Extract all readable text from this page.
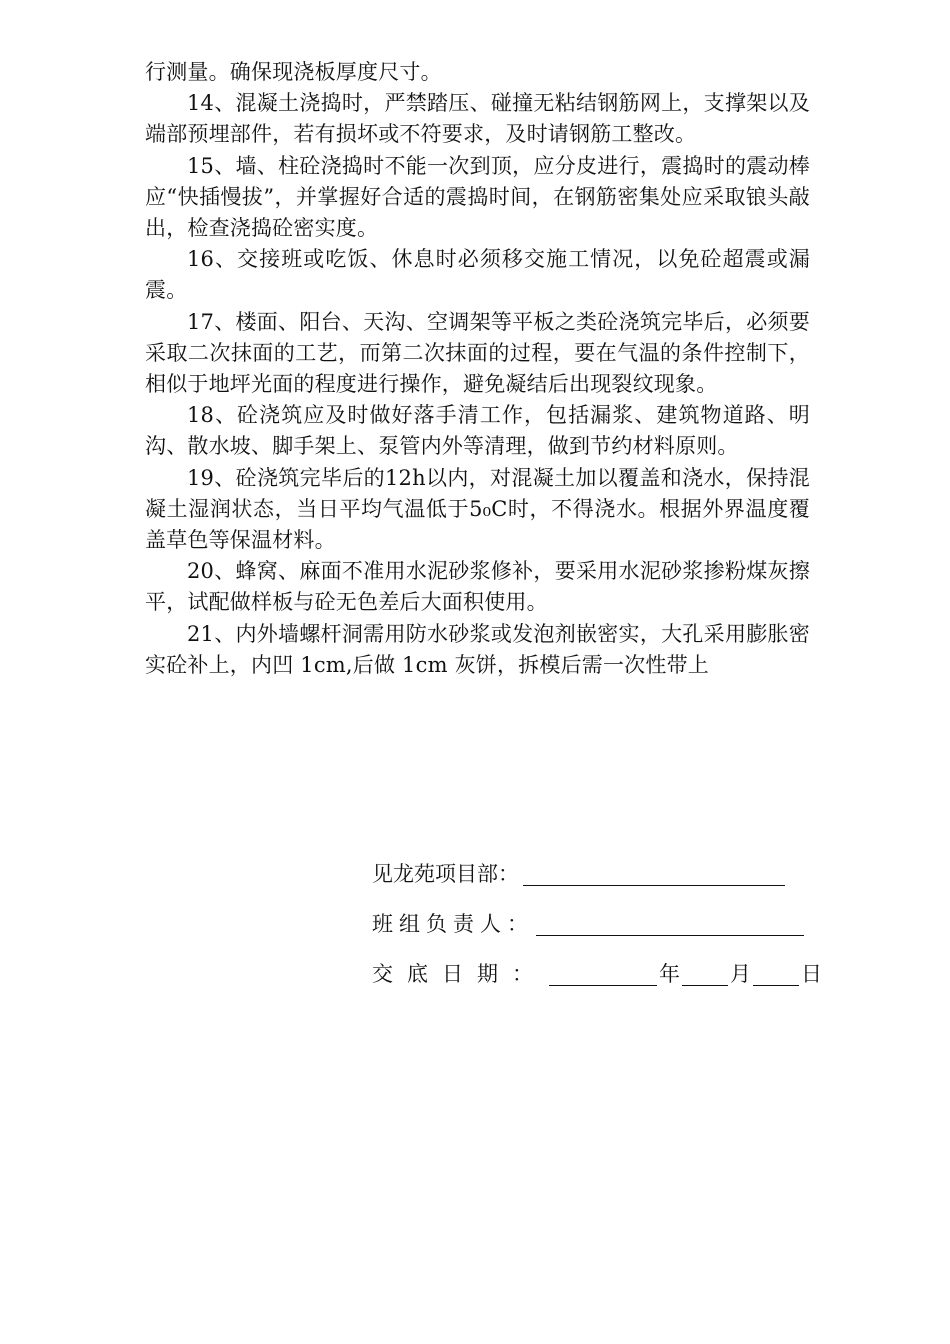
行测量。确保现浇板厚度尺寸。

14、混凝土浇捣时，严禁踏压、碰撞无粘结钢筋网上，支撑架以及端部预埋部件，若有损坏或不符要求，及时请钢筋工整改。

15、墙、柱砼浇捣时不能一次到顶，应分皮进行，震捣时的震动棒应“快插慢拔”，并掌握好合适的震捣时间，在钢筋密集处应采取锒头敲出，检查浇捣砼密实度。

16、交接班或吃饭、休息时必须移交施工情况，以免砼超震或漏震。

17、楼面、阳台、天沟、空调架等平板之类砼浇筑完毕后，必须要采取二次抹面的工艺，而第二次抹面的过程，要在气温的条件控制下，相似于地坪光面的程度进行操作，避免凝结后出现裂纹现象。

18、砼浇筑应及时做好落手清工作，包括漏浆、建筑物道路、明沟、散水坡、脚手架上、泵管内外等清理，做到节约材料原则。

19、砼浇筑完毕后的12h以内，对混凝土加以覆盖和浇水，保持混凝土湿润状态，当日平均气温低于5₀C时，不得浇水。根据外界温度覆盖草色等保温材料。

20、蜂窝、麻面不准用水泥砂浆修补，要采用水泥砂浆掺粉煤灰擦平，试配做样板与砼无色差后大面积使用。

21、内外墙螺杆洞需用防水砂浆或发泡剂嵌密实，大孔采用膨胀密实砼补上，内凹 1cm,后做 1cm 灰饼，拆模后需一次性带上

见龙苑项目部：
班组负责人：
交底日期：	年 月 日
